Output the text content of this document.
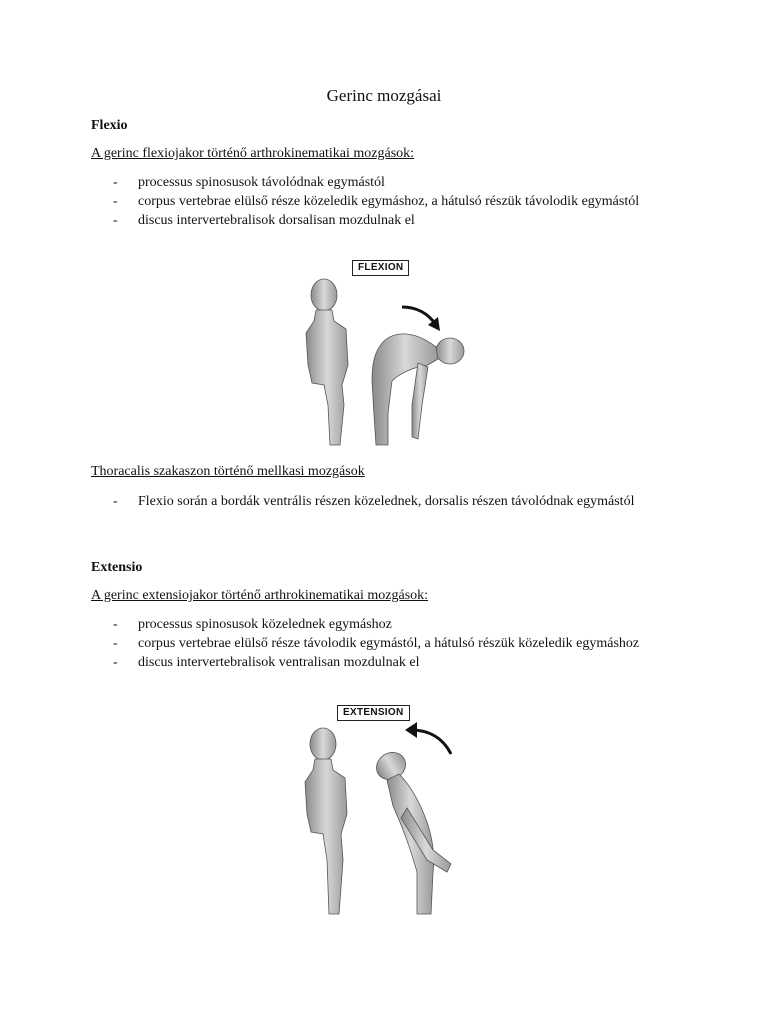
Gerinc mozgásai
Flexio
A gerinc flexiojakor történő arthrokinematikai mozgások:
- processus spinosusok távolódnak egymástól
- corpus vertebrae elülső része közeledik egymáshoz, a hátulsó részük távolodik egymástól
- discus intervertebralisok dorsalisan mozdulnak el
FLEXION
Thoracalis szakaszon történő mellkasi mozgások
- Flexio során a bordák ventrális részen közelednek, dorsalis részen távolódnak egymástól
Extensio
A gerinc extensiojakor történő arthrokinematikai mozgások:
- processus spinosusok közelednek egymáshoz
- corpus vertebrae elülső része távolodik egymástól, a hátulsó részük közeledik egymáshoz
- discus intervertebralisok ventralisan mozdulnak el
EXTENSION
